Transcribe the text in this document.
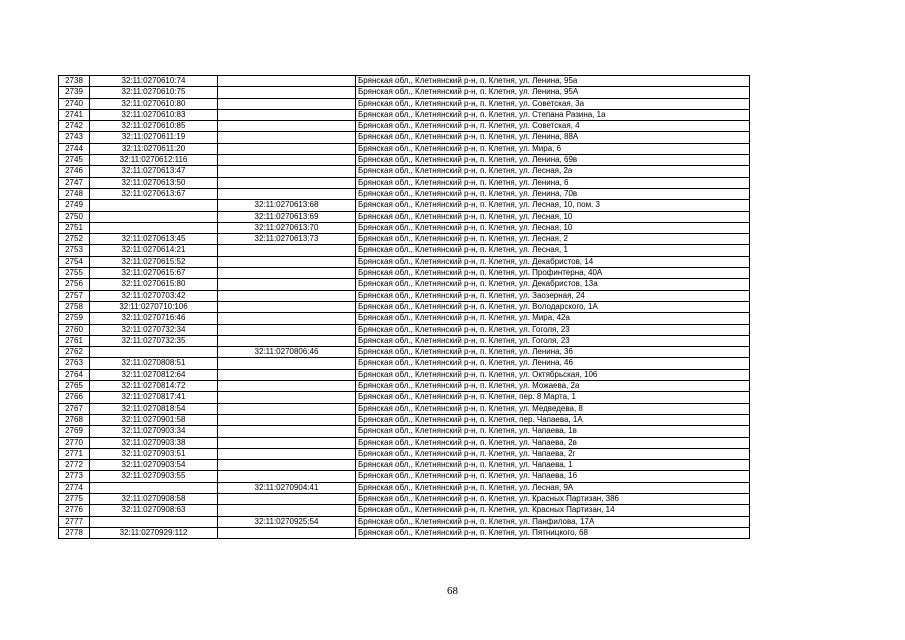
2738	32:11:0270610:74		Брянская обл., Клетнянский р-н, п. Клетня, ул. Ленина, 95а
2739	32:11:0270610:75		Брянская обл., Клетнянский р-н, п. Клетня, ул. Ленина, 95А
2740	32:11:0270610:80		Брянская обл., Клетнянский р-н, п. Клетня, ул. Советская, 3а
2741	32:11:0270610:83		Брянская обл., Клетнянский р-н, п. Клетня, ул. Степана Разина, 1а
2742	32:11:0270610:85		Брянская обл., Клетнянский р-н, п. Клетня, ул. Советская, 4
2743	32:11:0270611:19		Брянская обл., Клетнянский р-н, п. Клетня, ул. Ленина, 88А
2744	32:11:0270611:20		Брянская обл., Клетнянский р-н, п. Клетня, ул. Мира, 6
2745	32:11:0270612:116		Брянская обл., Клетнянский р-н, п. Клетня, ул. Ленина, 69в
2746	32:11:0270613:47		Брянская обл., Клетнянский р-н, п. Клетня, ул. Лесная, 2а
2747	32:11:0270613:50		Брянская обл., Клетнянский р-н, п. Клетня, ул. Ленина, 6
2748	32:11:0270613:67		Брянская обл., Клетнянский р-н, п. Клетня, ул. Ленина, 70в
2749		32:11:0270613:68	Брянская обл., Клетнянский р-н, п. Клетня, ул. Лесная, 10, пом. 3
2750		32:11:0270613:69	Брянская обл., Клетнянский р-н, п. Клетня, ул. Лесная, 10
2751		32:11:0270613:70	Брянская обл., Клетнянский р-н, п. Клетня, ул. Лесная, 10
2752	32:11:0270613:45	32:11:0270613:73	Брянская обл., Клетнянский р-н, п. Клетня, ул. Лесная, 2
2753	32:11:0270614:21		Брянская обл., Клетнянский р-н, п. Клетня, ул. Лесная, 1
2754	32:11:0270615:52		Брянская обл., Клетнянский р-н, п. Клетня, ул. Декабристов, 14
2755	32:11:0270615:67		Брянская обл., Клетнянский р-н, п. Клетня, ул. Профинтерна, 40А
2756	32:11:0270615:80		Брянская обл., Клетнянский р-н, п. Клетня, ул. Декабристов, 13а
2757	32:11:0270703:42		Брянская обл., Клетнянский р-н, п. Клетня, ул. Заозерная, 24
2758	32:11:0270710:106		Брянская обл., Клетнянский р-н, п. Клетня, ул. Володарского, 1А
2759	32:11:0270716:46		Брянская обл., Клетнянский р-н, п. Клетня, ул. Мира, 42а
2760	32:11:0270732:34		Брянская обл., Клетнянский р-н, п. Клетня, ул. Гоголя, 23
2761	32:11:0270732:35		Брянская обл., Клетнянский р-н, п. Клетня, ул. Гоголя, 23
2762		32:11:0270806:46	Брянская обл., Клетнянский р-н, п. Клетня, ул. Ленина, 36
2763	32:11:0270808:51		Брянская обл., Клетнянский р-н, п. Клетня, ул. Ленина, 46
2764	32:11:0270812:64		Брянская обл., Клетнянский р-н, п. Клетня, ул. Октябрьская, 106
2765	32:11:0270814:72		Брянская обл., Клетнянский р-н, п. Клетня, ул. Можаева, 2а
2766	32:11:0270817:41		Брянская обл., Клетнянский р-н, п. Клетня, пер. 8 Марта, 1
2767	32:11:0270818:54		Брянская обл., Клетнянский р-н, п. Клетня, ул. Медведева, 8
2768	32:11:0270901:58		Брянская обл., Клетнянский р-н, п. Клетня, пер. Чапаева, 1А
2769	32:11:0270903:34		Брянская обл., Клетнянский р-н, п. Клетня, ул. Чапаева, 1в
2770	32:11:0270903:38		Брянская обл., Клетнянский р-н, п. Клетня, ул. Чапаева, 2в
2771	32:11:0270903:51		Брянская обл., Клетнянский р-н, п. Клетня, ул. Чапаева, 2г
2772	32:11:0270903:54		Брянская обл., Клетнянский р-н, п. Клетня, ул. Чапаева, 1
2773	32:11:0270903:55		Брянская обл., Клетнянский р-н, п. Клетня, ул. Чапаева, 16
2774		32:11:0270904:41	Брянская обл., Клетнянский р-н, п. Клетня, ул. Лесная, 9А
2775	32:11:0270908:58		Брянская обл., Клетнянский р-н, п. Клетня, ул. Красных Партизан, 386
2776	32:11:0270908:63		Брянская обл., Клетнянский р-н, п. Клетня, ул. Красных Партизан, 14
2777		32:11:0270925:54	Брянская обл., Клетнянский р-н, п. Клетня, ул. Панфилова, 17А
2778	32:11:0270929:112		Брянская обл., Клетнянский р-н, п. Клетня, ул. Пятницкого, 68
68
